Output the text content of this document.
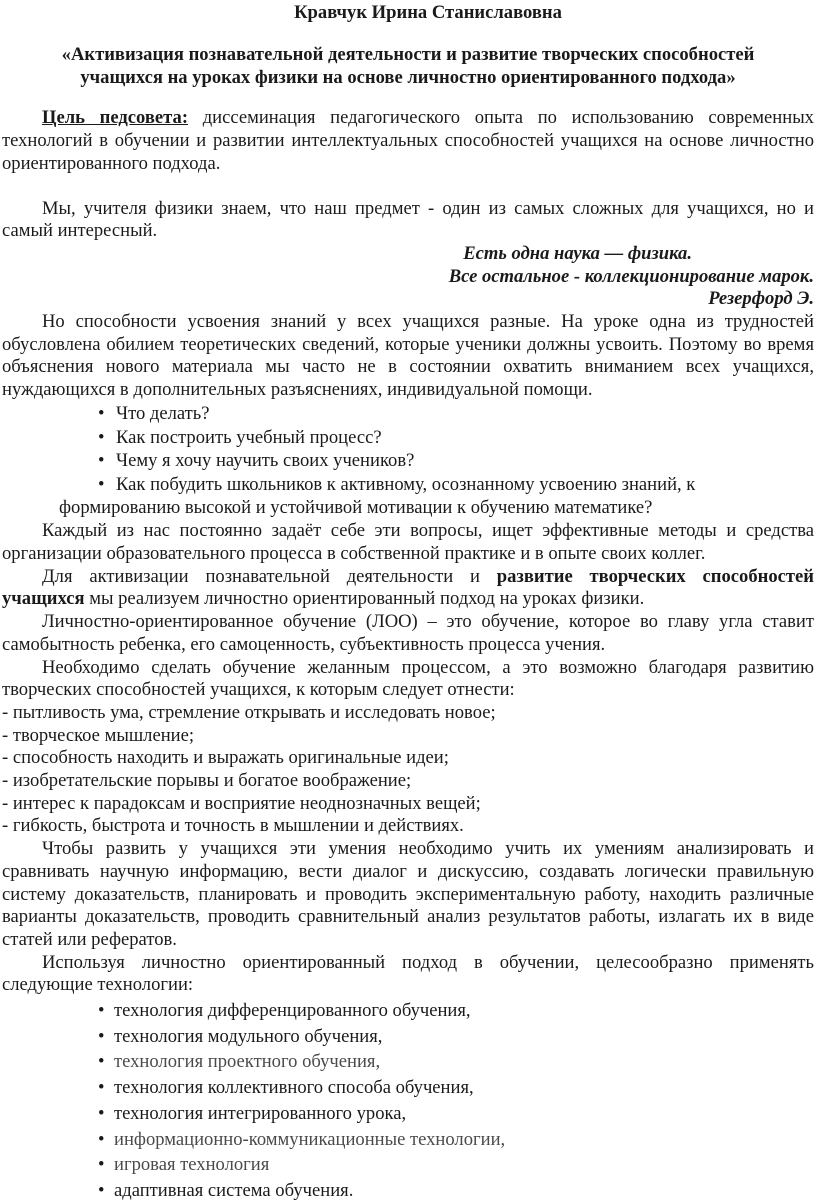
Кравчук Ирина Станиславовна

«Активизация познавательной деятельности и развитие творческих способностей учащихся на уроках физики на основе личностно ориентированного подхода»

Цель педсовета: диссеминация педагогического опыта по использованию современных технологий в обучении и развитии интеллектуальных способностей учащихся на основе личностно ориентированного подхода.

Мы, учителя физики знаем, что наш предмет - один из самых сложных для учащихся, но и самый интересный.

Есть одна наука — физика.

Все остальное - коллекционирование марок.

Резерфорд Э.

Но способности усвоения знаний у всех учащихся разные. На уроке одна из трудностей обусловлена обилием теоретических сведений, которые ученики должны усвоить. Поэтому во время объяснения нового материала мы часто не в состоянии охватить вниманием всех учащихся, нуждающихся в дополнительных разъяснениях, индивидуальной помощи.

• Что делать?
• Как построить учебный процесс?
• Чему я хочу научить своих учеников?
• Как побудить школьников к активному, осознанному усвоению знаний, к
формированию высокой и устойчивой мотивации к обучению математике?

Каждый из нас постоянно задаёт себе эти вопросы, ищет эффективные методы и средства организации образовательного процесса в собственной практике и в опыте своих коллег.

Для активизации познавательной деятельности и развитие творческих способностей учащихся мы реализуем личностно ориентированный подход на уроках физики.

Личностно-ориентированное обучение (ЛОО) – это обучение, которое во главу угла ставит самобытность ребенка, его самоценность, субъективность процесса учения.

Необходимо сделать обучение желанным процессом, а это возможно благодаря развитию творческих способностей учащихся, к которым следует отнести:

- пытливость ума, стремление открывать и исследовать новое;
- творческое мышление;
- способность находить и выражать оригинальные идеи;
- изобретательские порывы и богатое воображение;
- интерес к парадоксам и восприятие неоднозначных вещей;
- гибкость, быстрота и точность в мышлении и действиях.

Чтобы развить у учащихся эти умения необходимо учить их умениям анализировать и сравнивать научную информацию, вести диалог и дискуссию, создавать логически правильную систему доказательств, планировать и проводить экспериментальную работу, находить различные варианты доказательств, проводить сравнительный анализ результатов работы, излагать их в виде статей или рефератов.

Используя личностно ориентированный подход в обучении, целесообразно применять следующие технологии:

• технология дифференцированного обучения,
• технология модульного обучения,
• технология проектного обучения,
• технология коллективного способа обучения,
• технология интегрированного урока,
• информационно-коммуникационные технологии,
• игровая технология
• адаптивная система обучения.
